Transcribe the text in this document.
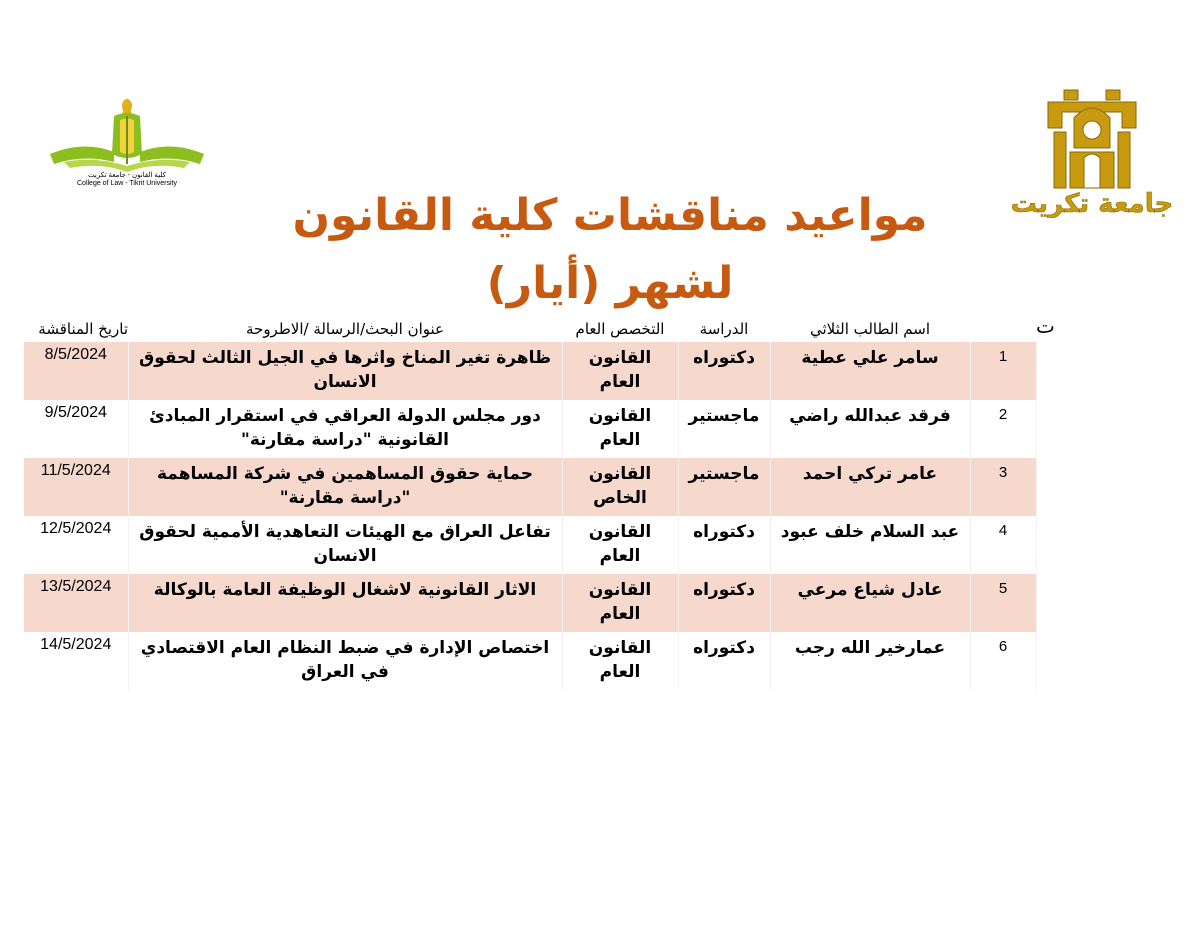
كلية القانون - جامعة تكريت
College of Law - Tikrit University
جامعة تكريت
مواعيد مناقشات كلية القانون
لشهر (أيار)
تاريخ المناقشة	عنوان البحث/الرسالة /الاطروحة	التخصص العام	الدراسة	اسم الطالب الثلاثي		ت
8/5/2024	ظاهرة تغير المناخ واثرها في الجيل الثالث لحقوق الانسان	القانون العام	دكتوراه	سامر علي عطية	1	
9/5/2024	دور مجلس الدولة العراقي في استقرار المبادئ القانونية "دراسة مقارنة"	القانون العام	ماجستير	فرقد عبدالله راضي	2	
11/5/2024	حماية حقوق المساهمين في شركة المساهمة "دراسة مقارنة"	القانون الخاص	ماجستير	عامر تركي احمد	3	
12/5/2024	تفاعل العراق مع الهيئات التعاهدية الأممية لحقوق الانسان	القانون العام	دكتوراه	عبد السلام خلف عبود	4	
13/5/2024	الاثار القانونية لاشغال الوظيفة العامة بالوكالة	القانون العام	دكتوراه	عادل شياع مرعي	5	
14/5/2024	اختصاص الإدارة في ضبط النظام العام الاقتصادي في العراق	القانون العام	دكتوراه	عمارخير الله رجب	6	
